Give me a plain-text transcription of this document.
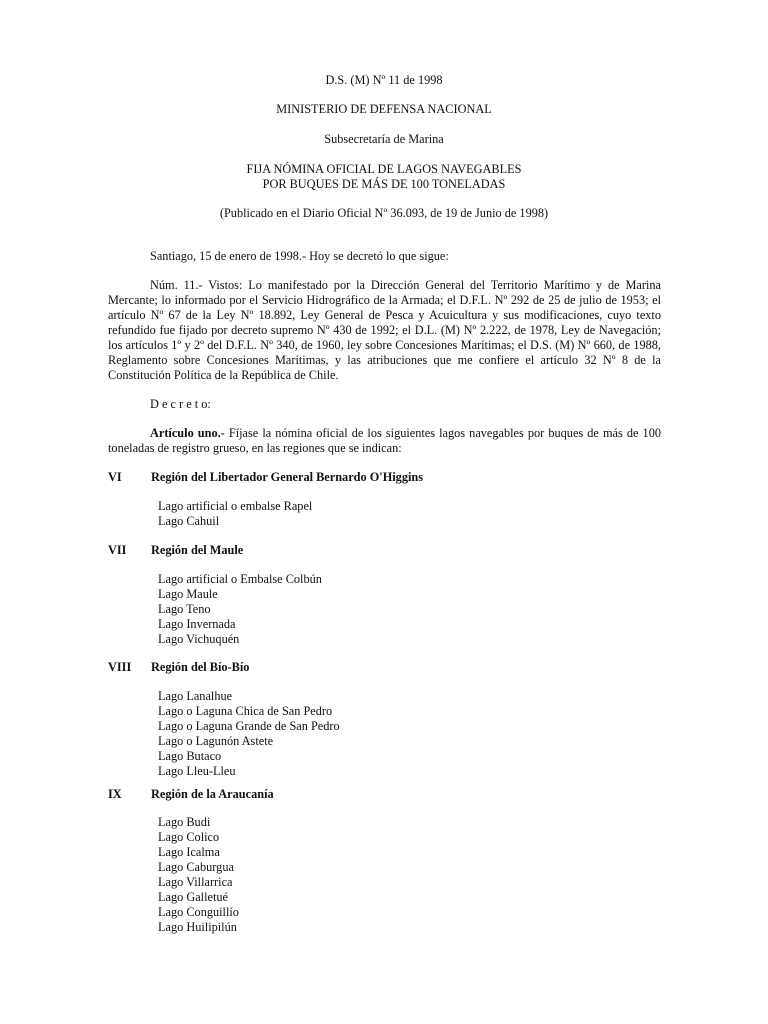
D.S. (M) Nº 11 de 1998

MINISTERIO DE DEFENSA NACIONAL

Subsecretaría de Marina

FIJA NÓMINA OFICIAL DE LAGOS NAVEGABLES

POR BUQUES DE MÁS DE 100 TONELADAS

(Publicado en el Diario Oficial Nº 36.093, de 19 de Junio de 1998)

Santiago, 15 de enero de 1998.- Hoy se decretó lo que sigue:

Núm. 11.- Vistos: Lo manifestado por la Dirección General del Territorio Marítimo y de Marina Mercante; lo informado por el Servicio Hidrográfico de la Armada; el D.F.L. Nº 292 de 25 de julio de 1953; el artículo Nº 67 de la Ley Nº 18.892, Ley General de Pesca y Acuicultura y sus modificaciones, cuyo texto refundido fue fijado por decreto supremo Nº 430 de 1992; el D.L. (M) Nº 2.222, de 1978, Ley de Navegación; los artículos 1º y 2º del D.F.L. Nº 340, de 1960, ley sobre Concesiones Marítimas; el D.S. (M) Nº 660, de 1988, Reglamento sobre Concesiones Marítimas, y las atribuciones que me confiere el artículo 32 Nº 8 de la Constitución Política de la República de Chile.

D e c r e t o:

Artículo uno.- Fíjase la nómina oficial de los siguientes lagos navegables por buques de más de 100 toneladas de registro grueso, en las regiones que se indican:

VI Región del Libertador General Bernardo O'Higgins

Lago artificial o embalse Rapel
Lago Cahuil

VII Región del Maule

Lago artificial o Embalse Colbún
Lago Maule
Lago Teno
Lago Invernada
Lago Vichuquén

VIII Región del Bío-Bío

Lago Lanalhue
Lago o Laguna Chica de San Pedro
Lago o Laguna Grande de San Pedro
Lago o Lagunón Astete
Lago Butaco
Lago Lleu-Lleu

IX Región de la Araucanía

Lago Budi
Lago Colico
Lago Icalma
Lago Caburgua
Lago Villarrica
Lago Galletué
Lago Conguillío
Lago Huilipilún
